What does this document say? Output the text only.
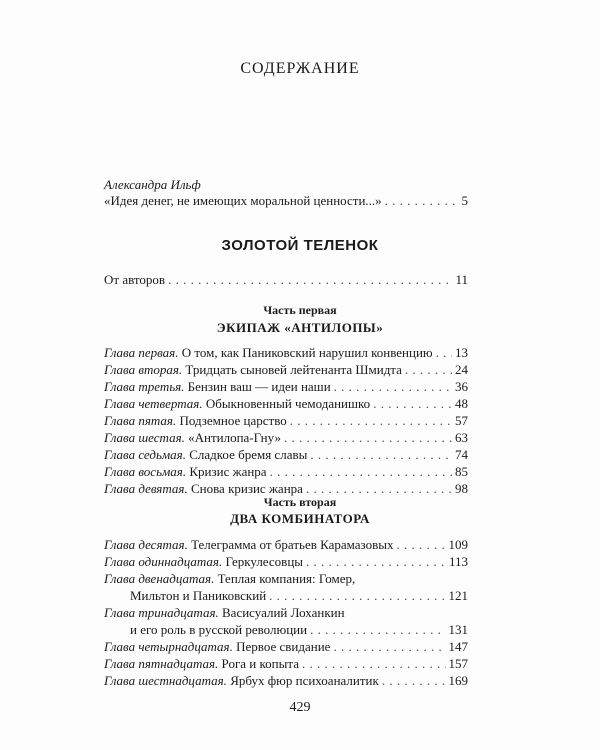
СОДЕРЖАНИЕ
Александра Ильф
«Идея денег, не имеющих моральной ценности...» . . .	5
ЗОЛОТОЙ ТЕЛЕНОК
От авторов . . .	11
Часть первая
ЭКИПАЖ «АНТИЛОПЫ»
Глава первая. О том, как Паниковский нарушил конвенцию . . . 13
Глава вторая. Тридцать сыновей лейтенанта Шмидта . . .	24
Глава третья. Бензин ваш — идеи наши . . .	36
Глава четвертая. Обыкновенный чемоданишко . . .	48
Глава пятая. Подземное царство . . .	57
Глава шестая. «Антилопа-Гну» . . .	63
Глава седьмая. Сладкое бремя славы . . .	74
Глава восьмая. Кризис жанра . . .	85
Глава девятая. Снова кризис жанра . . .	98
Часть вторая
ДВА КОМБИНАТОРА
Глава десятая. Телеграмма от братьев Карамазовых . . .	109
Глава одиннадцатая. Геркулесовцы . . .	113
Глава двенадцатая. Теплая компания: Гомер,
Мильтон и Паниковский . . .	121
Глава тринадцатая. Васисуалий Лоханкин
и его роль в русской революции . . .	131
Глава четырнадцатая. Первое свидание . . .	147
Глава пятнадцатая. Рога и копыта . . .	157
Глава шестнадцатая. Ярбух фюр психоаналитик . . .	169
429
